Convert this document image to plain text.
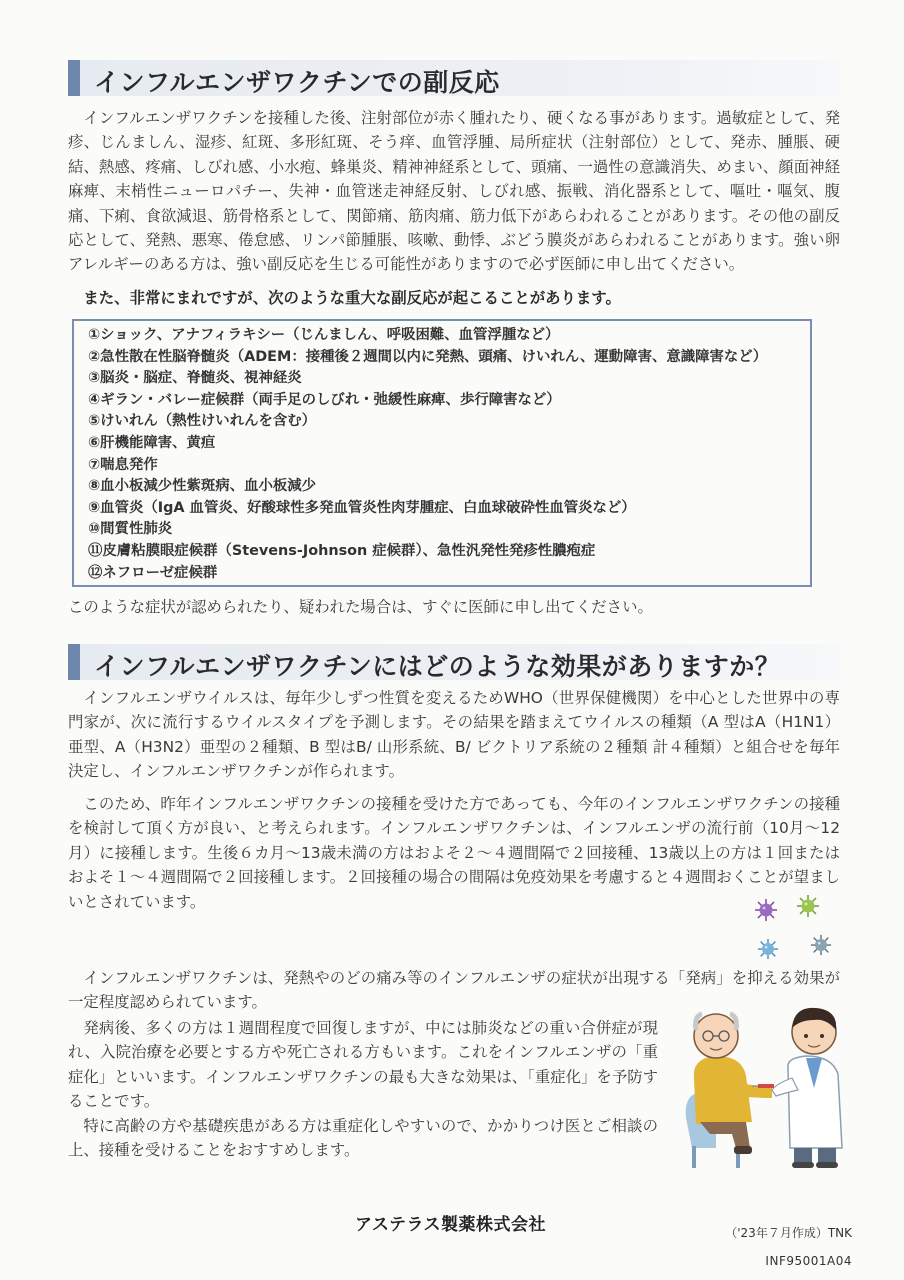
インフルエンザワクチンでの副反応

インフルエンザワクチンを接種した後、注射部位が赤く腫れたり、硬くなる事があります。過敏症として、発疹、じんましん、湿疹、紅斑、多形紅斑、そう痒、血管浮腫、局所症状（注射部位）として、発赤、腫脹、硬結、熱感、疼痛、しびれ感、小水疱、蜂巣炎、精神神経系として、頭痛、一過性の意識消失、めまい、顔面神経麻痺、末梢性ニューロパチー、失神・血管迷走神経反射、しびれ感、振戦、消化器系として、嘔吐・嘔気、腹痛、下痢、食欲減退、筋骨格系として、関節痛、筋肉痛、筋力低下があらわれることがあります。その他の副反応として、発熱、悪寒、倦怠感、リンパ節腫脹、咳嗽、動悸、ぶどう膜炎があらわれることがあります。強い卵アレルギーのある方は、強い副反応を生じる可能性がありますので必ず医師に申し出てください。

また、非常にまれですが、次のような重大な副反応が起こることがあります。

①ショック、アナフィラキシー（じんましん、呼吸困難、血管浮腫など）
②急性散在性脳脊髄炎（ADEM：接種後２週間以内に発熱、頭痛、けいれん、運動障害、意識障害など）
③脳炎・脳症、脊髄炎、視神経炎
④ギラン・バレー症候群（両手足のしびれ・弛緩性麻痺、歩行障害など）
⑤けいれん（熱性けいれんを含む）
⑥肝機能障害、黄疸
⑦喘息発作
⑧血小板減少性紫斑病、血小板減少
⑨血管炎（IgA 血管炎、好酸球性多発血管炎性肉芽腫症、白血球破砕性血管炎など）
⑩間質性肺炎
⑪皮膚粘膜眼症候群（Stevens-Johnson 症候群）、急性汎発性発疹性膿疱症
⑫ネフローゼ症候群
このような症状が認められたり、疑われた場合は、すぐに医師に申し出てください。
インフルエンザワクチンにはどのような効果がありますか？

インフルエンザウイルスは、毎年少しずつ性質を変えるためWHO（世界保健機関）を中心とした世界中の専門家が、次に流行するウイルスタイプを予測します。その結果を踏まえてウイルスの種類（A 型はA（H1N1）亜型、A（H3N2）亜型の２種類、B 型はB/ 山形系統、B/ ビクトリア系統の２種類 計４種類）と組合せを毎年決定し、インフルエンザワクチンが作られます。

このため、昨年インフルエンザワクチンの接種を受けた方であっても、今年のインフルエンザワクチンの接種を検討して頂く方が良い、と考えられます。インフルエンザワクチンは、インフルエンザの流行前（10月～12月）に接種します。生後６カ月～13歳未満の方はおよそ２～４週間隔で２回接種、13歳以上の方は１回またはおよそ１～４週間隔で２回接種します。２回接種の場合の間隔は免疫効果を考慮すると４週間おくことが望ましいとされています。

インフルエンザワクチンは、発熱やのどの痛み等のインフルエンザの症状が出現する「発病」を抑える効果が一定程度認められています。

発病後、多くの方は１週間程度で回復しますが、中には肺炎などの重い合併症が現れ、入院治療を必要とする方や死亡される方もいます。これをインフルエンザの「重症化」といいます。インフルエンザワクチンの最も大きな効果は、「重症化」を予防することです。

特に高齢の方や基礎疾患がある方は重症化しやすいので、かかりつけ医とご相談の上、接種を受けることをおすすめします。

アステラス製薬株式会社	（'23年７月作成）TNK
INF95001A04
